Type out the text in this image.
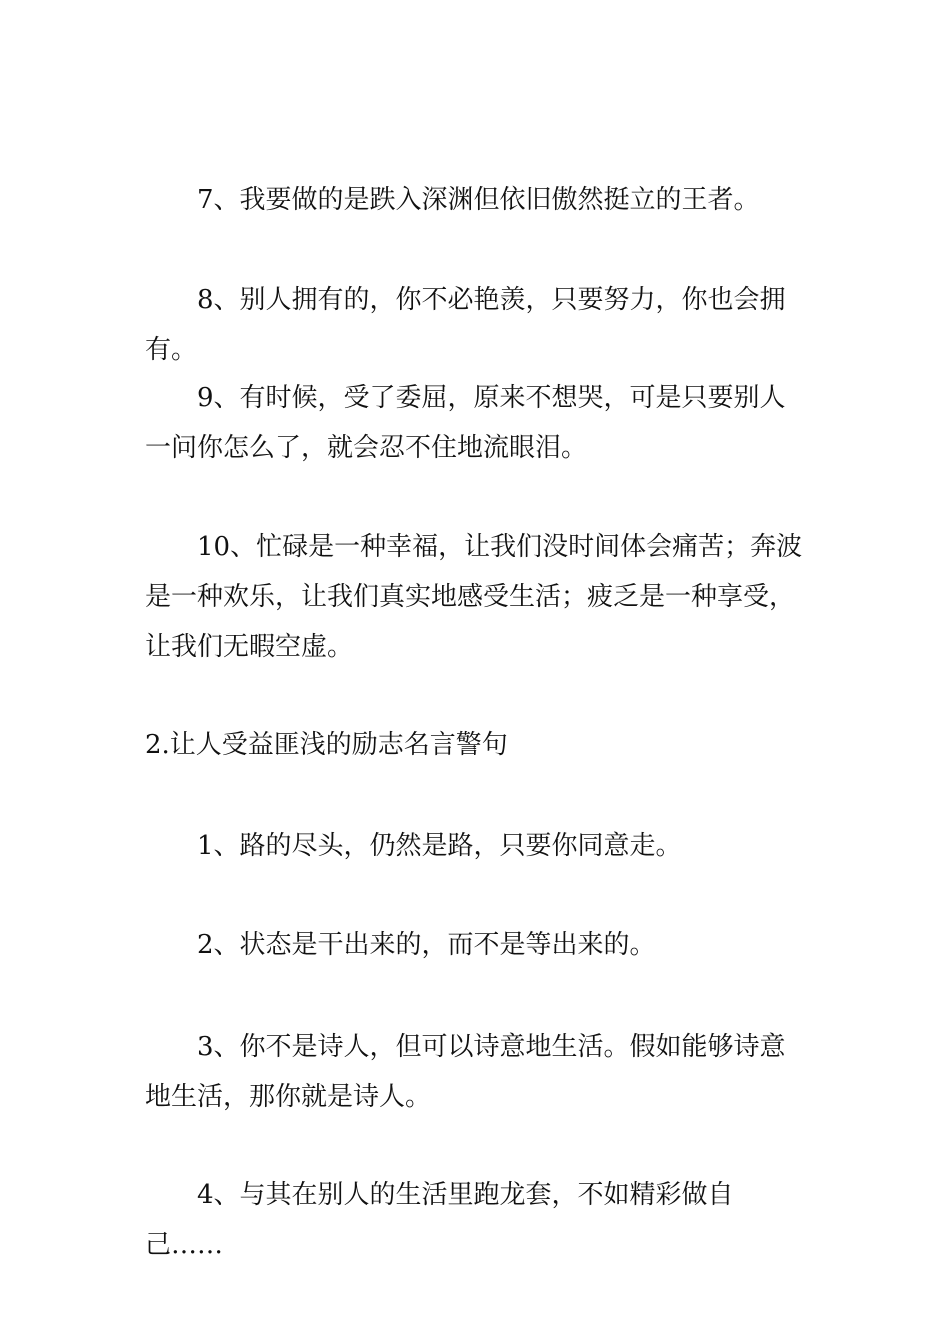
7、我要做的是跌入深渊但依旧傲然挺立的王者。

8、别人拥有的，你不必艳羡，只要努力，你也会拥有。

9、有时候，受了委屈，原来不想哭，可是只要别人一问你怎么了，就会忍不住地流眼泪。

10、忙碌是一种幸福，让我们没时间体会痛苦；奔波是一种欢乐，让我们真实地感受生活；疲乏是一种享受，让我们无暇空虚。

2.让人受益匪浅的励志名言警句

1、路的尽头，仍然是路，只要你同意走。

2、状态是干出来的，而不是等出来的。

3、你不是诗人，但可以诗意地生活。假如能够诗意地生活，那你就是诗人。

4、与其在别人的生活里跑龙套，不如精彩做自己……
